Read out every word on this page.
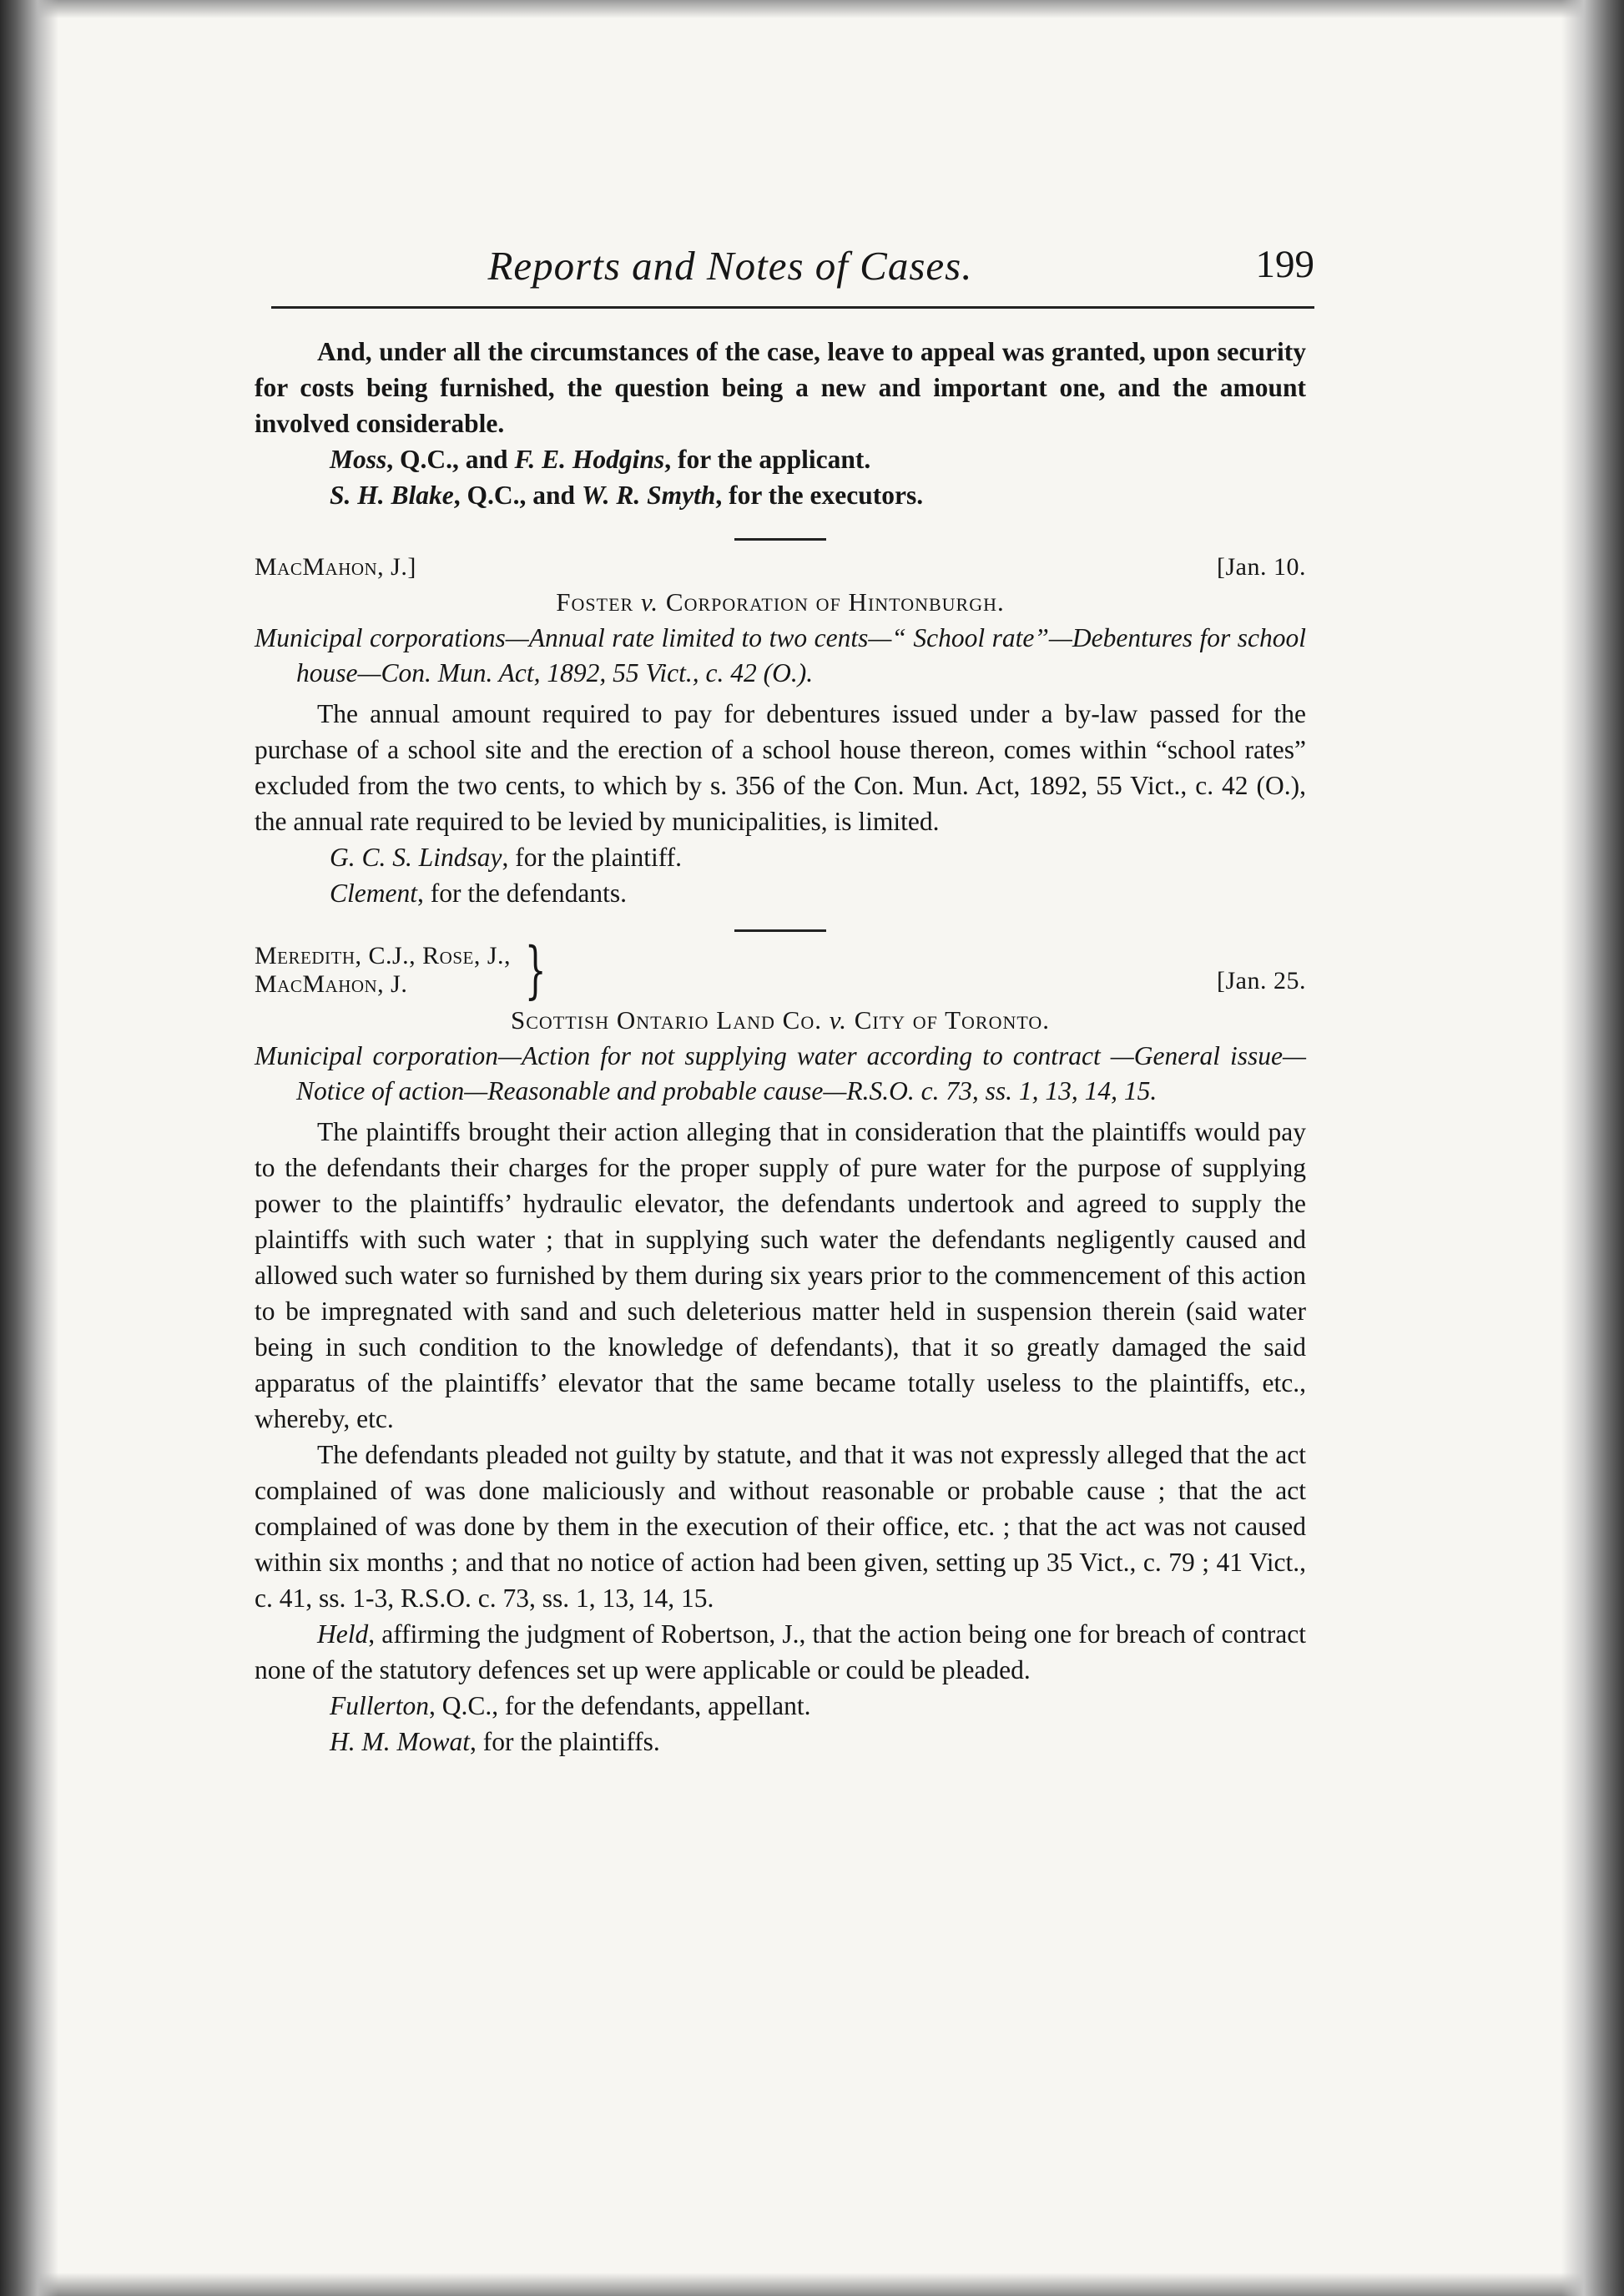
Reports and Notes of Cases.	199

And, under all the circumstances of the case, leave to appeal was granted, upon security for costs being furnished, the question being a new and important one, and the amount involved considerable.

Moss, Q.C., and F. E. Hodgins, for the applicant.

S. H. Blake, Q.C., and W. R. Smyth, for the executors.

MacMahon, J.]	[Jan. 10.
Foster v. Corporation of Hintonburgh.

Municipal corporations—Annual rate limited to two cents—“ School rate”—Debentures for school house—Con. Mun. Act, 1892, 55 Vict., c. 42 (O.).

The annual amount required to pay for debentures issued under a by-law passed for the purchase of a school site and the erection of a school house thereon, comes within “school rates” excluded from the two cents, to which by s. 356 of the Con. Mun. Act, 1892, 55 Vict., c. 42 (O.), the annual rate required to be levied by municipalities, is limited.

G. C. S. Lindsay, for the plaintiff.

Clement, for the defendants.

Meredith, C.J., Rose, J.,
MacMahon, J.	}	[Jan. 25.
Scottish Ontario Land Co. v. City of Toronto.

Municipal corporation—Action for not supplying water according to contract —General issue—Notice of action—Reasonable and probable cause—R.S.O. c. 73, ss. 1, 13, 14, 15.

The plaintiffs brought their action alleging that in consideration that the plaintiffs would pay to the defendants their charges for the proper supply of pure water for the purpose of supplying power to the plaintiffs’ hydraulic elevator, the defendants undertook and agreed to supply the plaintiffs with such water ; that in supplying such water the defendants negligently caused and allowed such water so furnished by them during six years prior to the commencement of this action to be impregnated with sand and such deleterious matter held in suspension therein (said water being in such condition to the knowledge of defendants), that it so greatly damaged the said apparatus of the plaintiffs’ elevator that the same became totally useless to the plaintiffs, etc., whereby, etc.

The defendants pleaded not guilty by statute, and that it was not expressly alleged that the act complained of was done maliciously and without reasonable or probable cause ; that the act complained of was done by them in the execution of their office, etc. ; that the act was not caused within six months ; and that no notice of action had been given, setting up 35 Vict., c. 79 ; 41 Vict., c. 41, ss. 1-3, R.S.O. c. 73, ss. 1, 13, 14, 15.

Held, affirming the judgment of Robertson, J., that the action being one for breach of contract none of the statutory defences set up were applicable or could be pleaded.

Fullerton, Q.C., for the defendants, appellant.

H. M. Mowat, for the plaintiffs.
